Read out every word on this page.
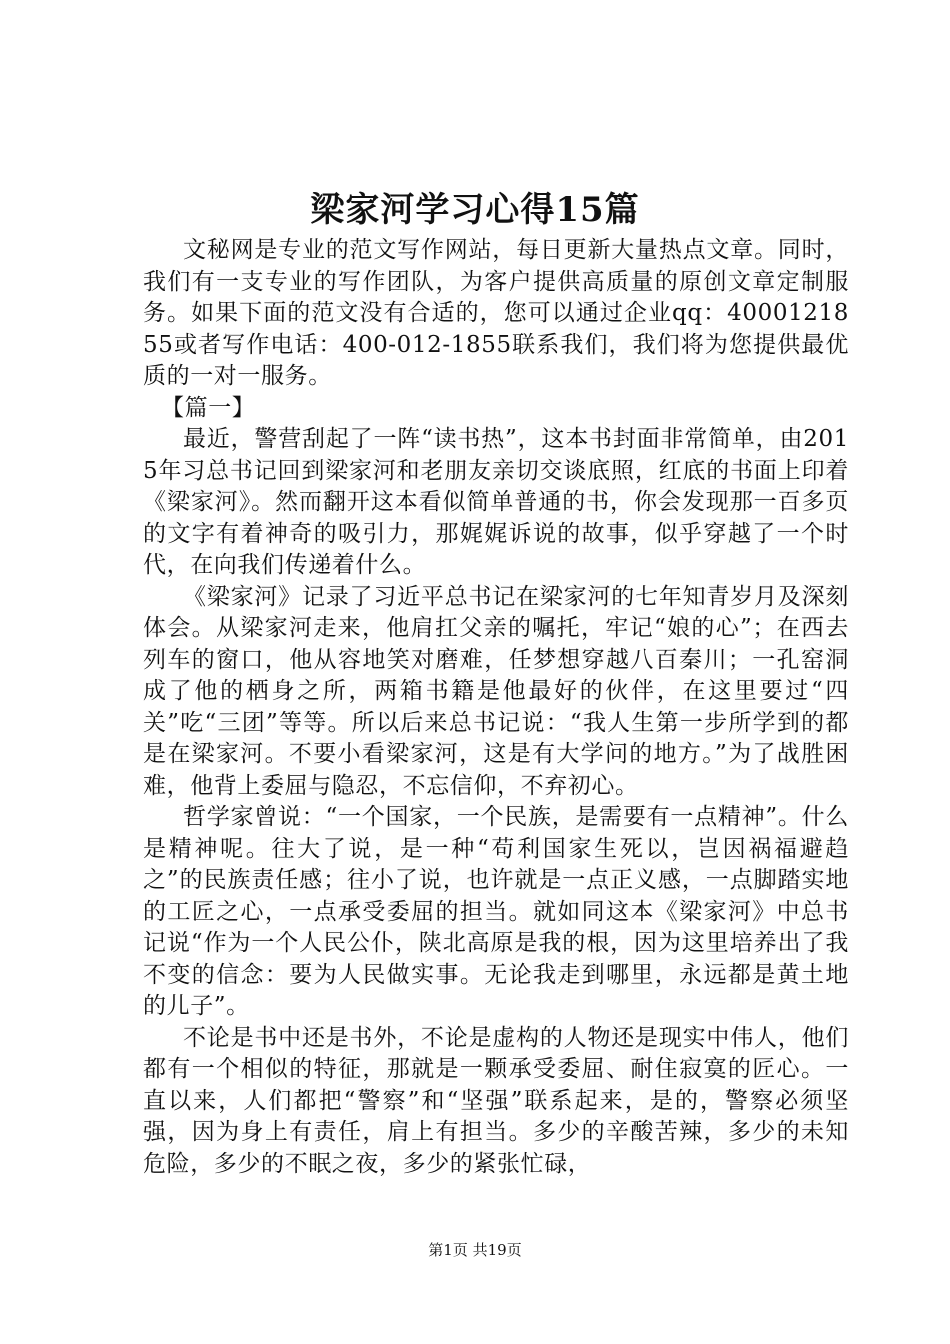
梁家河学习心得15篇

文秘网是专业的范文写作网站，每日更新大量热点文章。同时，我们有一支专业的写作团队，为客户提供高质量的原创文章定制服务。如果下面的范文没有合适的，您可以通过企业qq：4000121855或者写作电话：400-012-1855联系我们，我们将为您提供最优质的一对一服务。

【篇一】

最近，警营刮起了一阵“读书热”，这本书封面非常简单，由2015年习总书记回到梁家河和老朋友亲切交谈底照，红底的书面上印着《梁家河》。然而翻开这本看似简单普通的书，你会发现那一百多页的文字有着神奇的吸引力，那娓娓诉说的故事，似乎穿越了一个时代，在向我们传递着什么。

《梁家河》记录了习近平总书记在梁家河的七年知青岁月及深刻体会。从梁家河走来，他肩扛父亲的嘱托，牢记“娘的心”；在西去列车的窗口，他从容地笑对磨难，任梦想穿越八百秦川；一孔窑洞成了他的栖身之所，两箱书籍是他最好的伙伴，在这里要过“四关”吃“三团”等等。所以后来总书记说：“我人生第一步所学到的都是在梁家河。不要小看梁家河，这是有大学问的地方。”为了战胜困难，他背上委屈与隐忍，不忘信仰，不弃初心。

哲学家曾说：“一个国家，一个民族，是需要有一点精神”。什么是精神呢。往大了说，是一种“苟利国家生死以，岂因祸福避趋之”的民族责任感；往小了说，也许就是一点正义感，一点脚踏实地的工匠之心，一点承受委屈的担当。就如同这本《梁家河》中总书记说“作为一个人民公仆，陕北高原是我的根，因为这里培养出了我不变的信念：要为人民做实事。无论我走到哪里，永远都是黄土地的儿子”。

不论是书中还是书外，不论是虚构的人物还是现实中伟人，他们都有一个相似的特征，那就是一颗承受委屈、耐住寂寞的匠心。一直以来，人们都把“警察”和“坚强”联系起来，是的，警察必须坚强，因为身上有责任，肩上有担当。多少的辛酸苦辣，多少的未知危险，多少的不眠之夜，多少的紧张忙碌，

第1页 共19页
